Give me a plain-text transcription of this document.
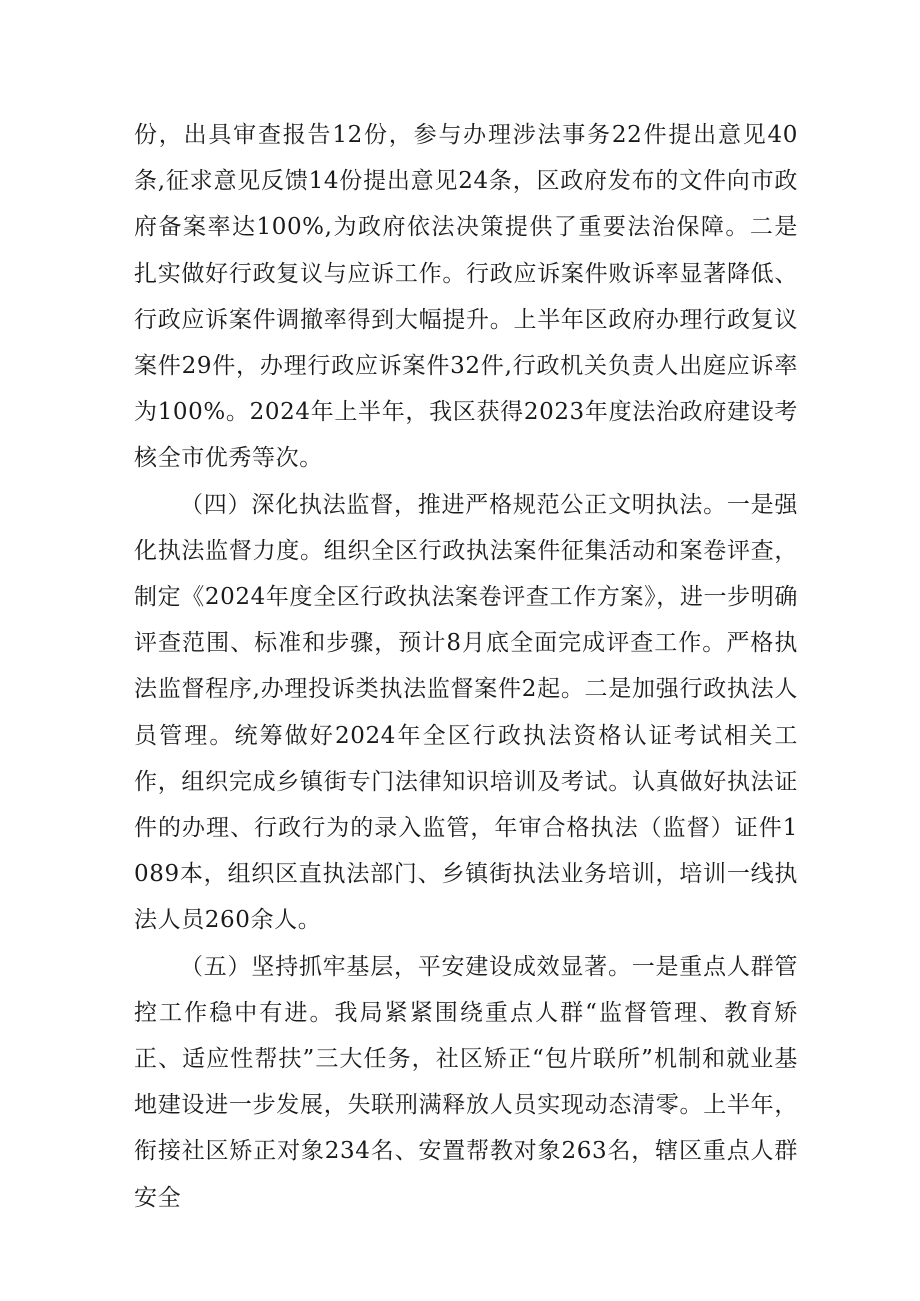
份，出具审查报告12份，参与办理涉法事务22件提出意见40条,征求意见反馈14份提出意见24条，区政府发布的文件向市政府备案率达100%,为政府依法决策提供了重要法治保障。二是扎实做好行政复议与应诉工作。行政应诉案件败诉率显著降低、行政应诉案件调撤率得到大幅提升。上半年区政府办理行政复议案件29件，办理行政应诉案件32件,行政机关负责人出庭应诉率为100%。2024年上半年，我区获得2023年度法治政府建设考核全市优秀等次。

（四）深化执法监督，推进严格规范公正文明执法。一是强化执法监督力度。组织全区行政执法案件征集活动和案卷评查，制定《2024年度全区行政执法案卷评查工作方案》，进一步明确评查范围、标准和步骤，预计8月底全面完成评查工作。严格执法监督程序,办理投诉类执法监督案件2起。二是加强行政执法人员管理。统筹做好2024年全区行政执法资格认证考试相关工作，组织完成乡镇街专门法律知识培训及考试。认真做好执法证件的办理、行政行为的录入监管，年审合格执法（监督）证件1089本，组织区直执法部门、乡镇街执法业务培训，培训一线执法人员260余人。

（五）坚持抓牢基层，平安建设成效显著。一是重点人群管控工作稳中有进。我局紧紧围绕重点人群“监督管理、教育矫正、适应性帮扶”三大任务，社区矫正“包片联所”机制和就业基地建设进一步发展，失联刑满释放人员实现动态清零。上半年，衔接社区矫正对象234名、安置帮教对象263名，辖区重点人群安全
